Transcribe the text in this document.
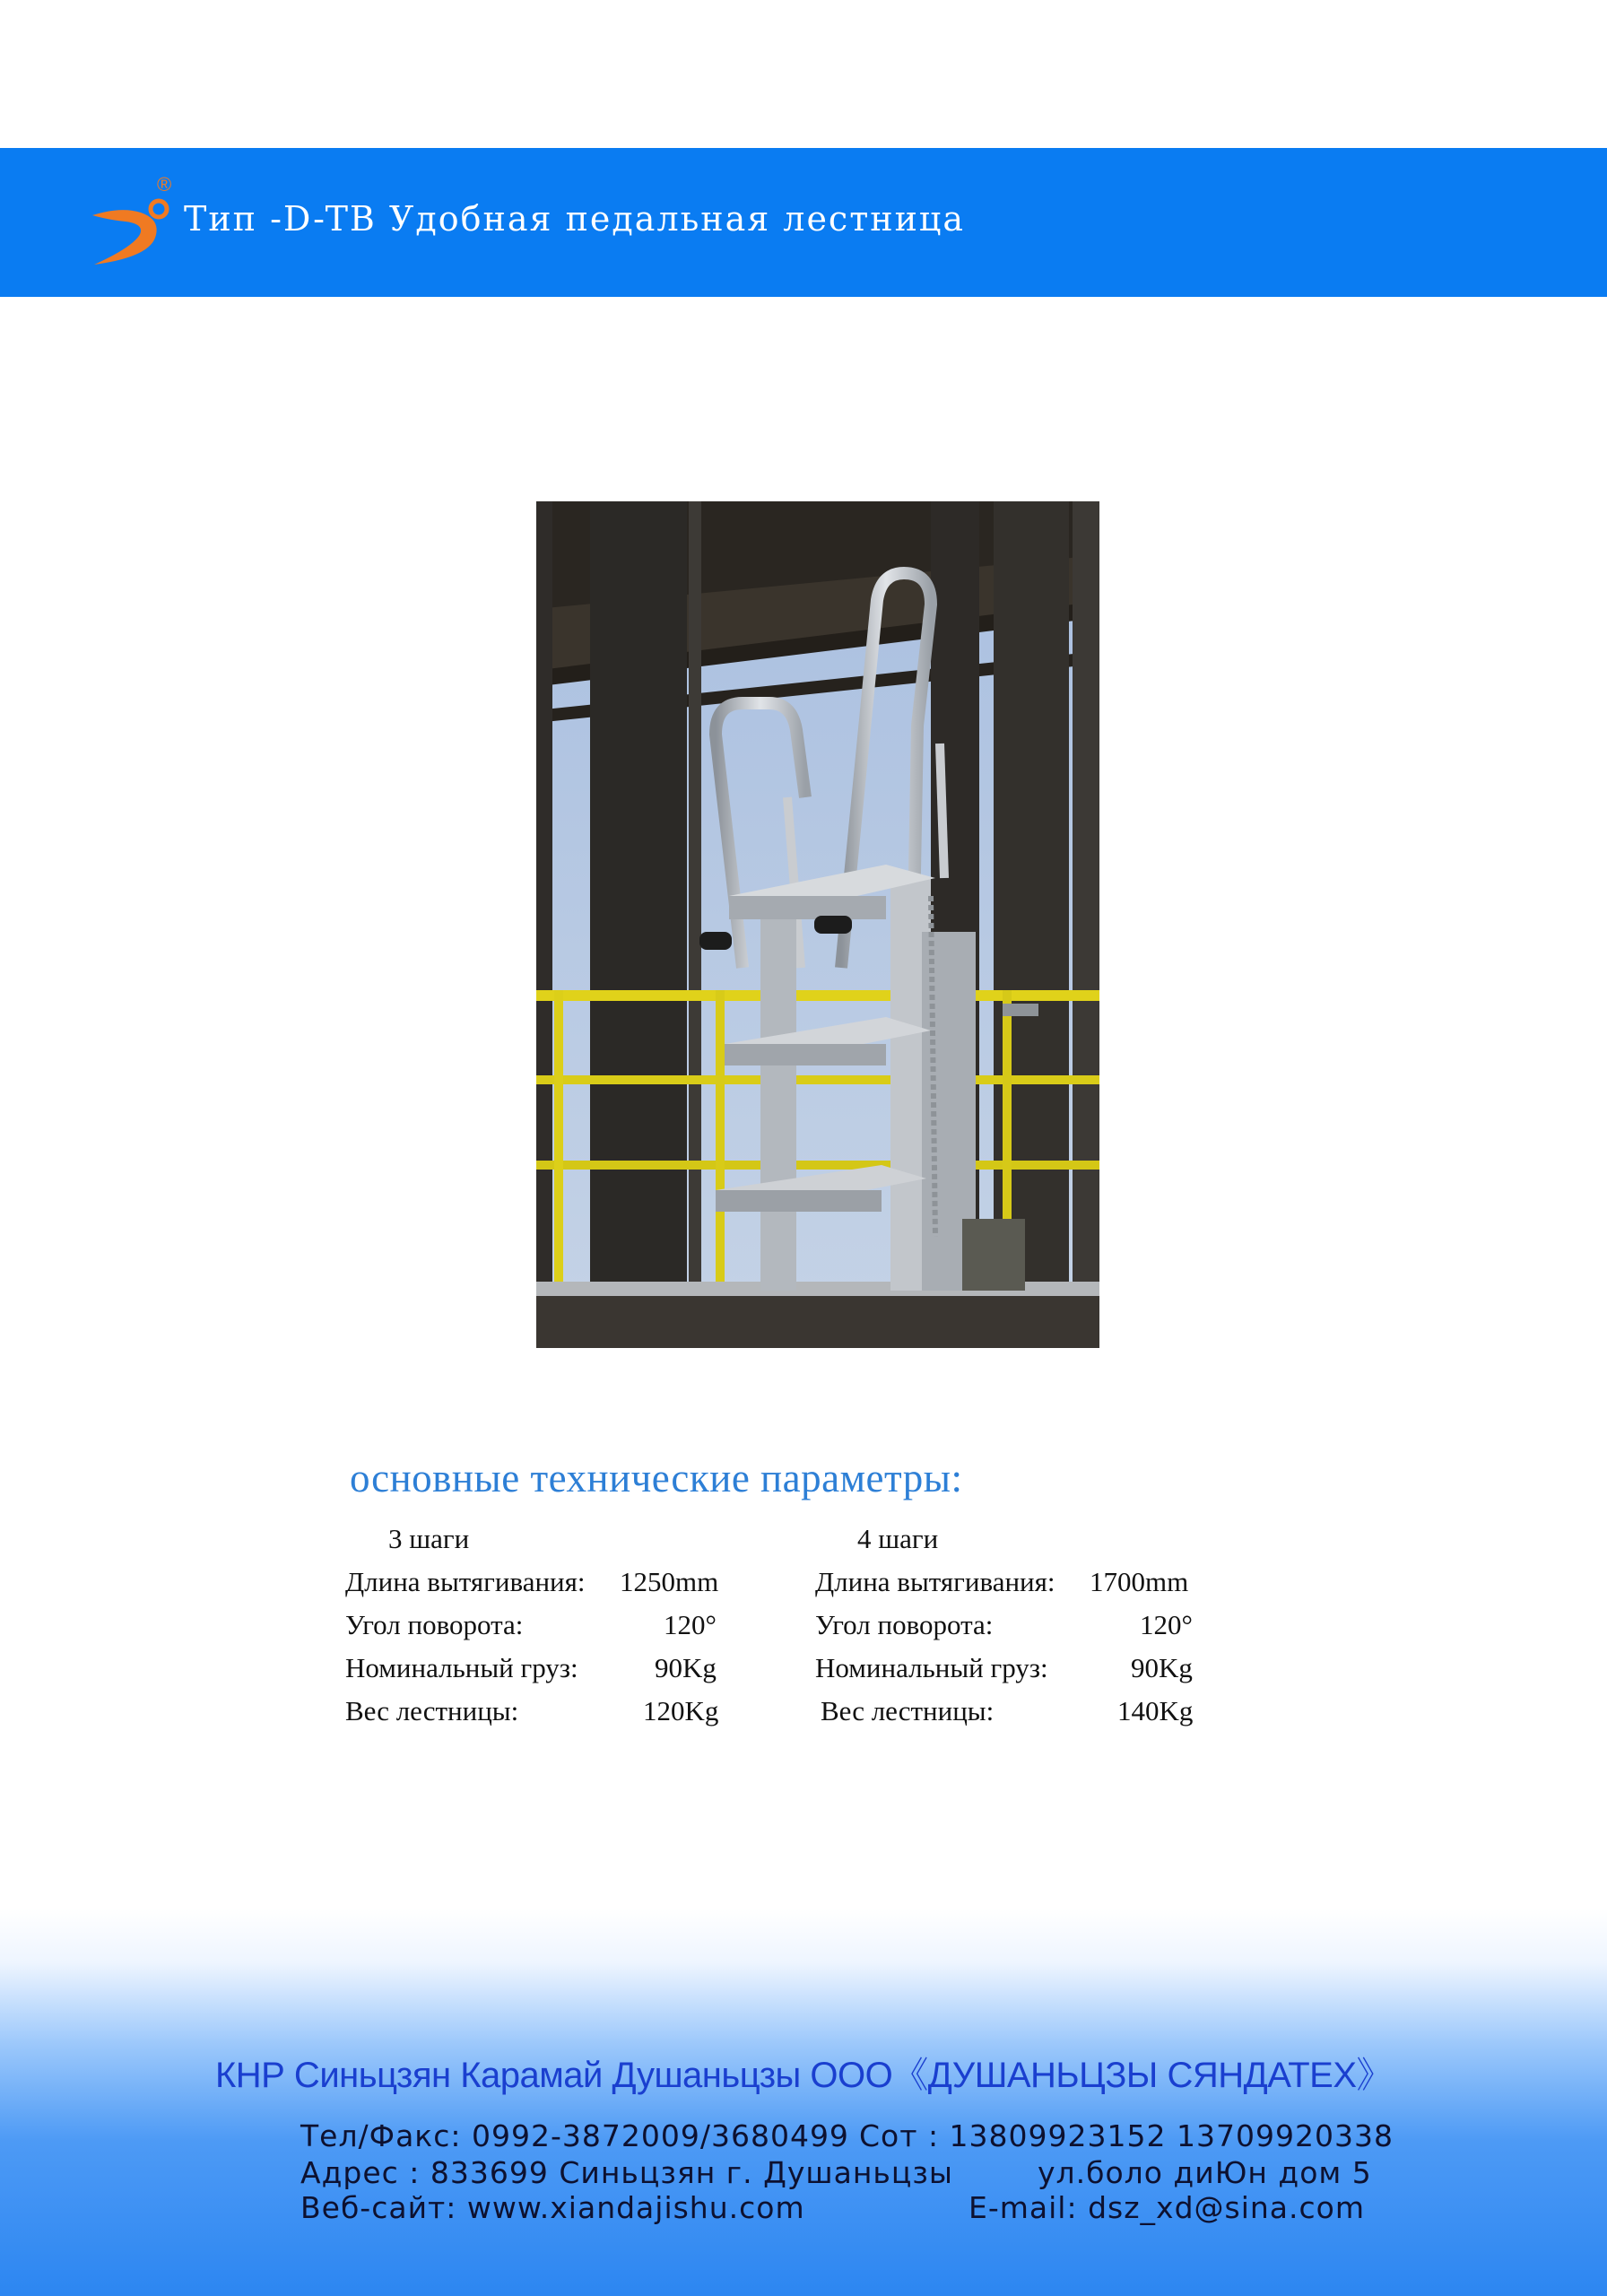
®
Тип -D-TB Удобная педальная лестница
основные технические параметры:
3 шаги
Длина вытягивания: 1250mm
Угол поворота:	120°
Номинальный груз:	90Kg
Вес лестницы:	120Kg
4 шаги
Длина вытягивания: 1700mm
Угол поворота:	120°
Номинальный груз:	90Kg
Вес лестницы:	140Kg
КНР Синьцзян Карамай Душаньцзы ООО《ДУШАНЬЦЗЫ СЯНДАТЕХ》
Тел/Факс: 0992-3872009/3680499 Сот : 13809923152 13709920338
Адрес : 833699 Синьцзян г. Душаньцзы	ул.боло диЮн дом 5
Веб-сайт: www.xiandajishu.com	E-mail: dsz_xd@sina.com
